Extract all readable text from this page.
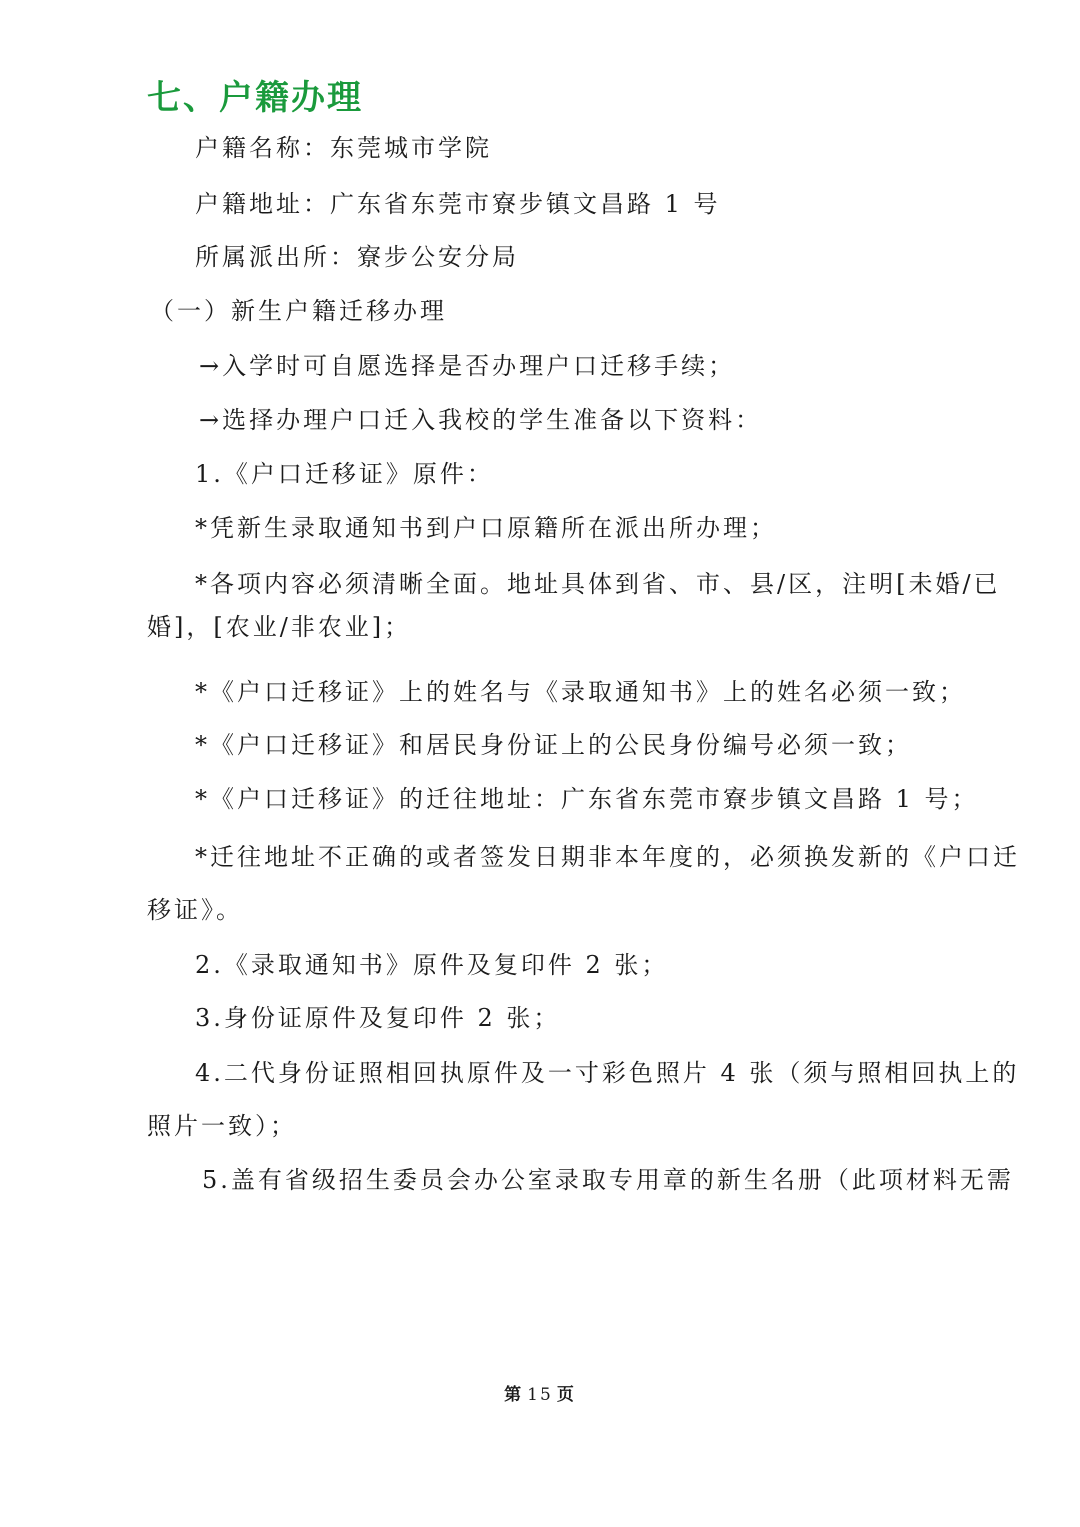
七、户籍办理

户籍名称：东莞城市学院

户籍地址：广东省东莞市寮步镇文昌路 1 号

所属派出所：寮步公安分局

（一）新生户籍迁移办理

→入学时可自愿选择是否办理户口迁移手续；

→选择办理户口迁入我校的学生准备以下资料：

1.《户口迁移证》原件：

*凭新生录取通知书到户口原籍所在派出所办理；

*各项内容必须清晰全面。地址具体到省、市、县/区，注明[未婚/已

婚]，[农业/非农业]；

*《户口迁移证》上的姓名与《录取通知书》上的姓名必须一致；

*《户口迁移证》和居民身份证上的公民身份编号必须一致；

*《户口迁移证》的迁往地址：广东省东莞市寮步镇文昌路 1 号；

*迁往地址不正确的或者签发日期非本年度的，必须换发新的《户口迁

移证》。

2.《录取通知书》原件及复印件 2 张；

3.身份证原件及复印件 2 张；

4.二代身份证照相回执原件及一寸彩色照片 4 张（须与照相回执上的

照片一致）；

5.盖有省级招生委员会办公室录取专用章的新生名册（此项材料无需

第 15 页
